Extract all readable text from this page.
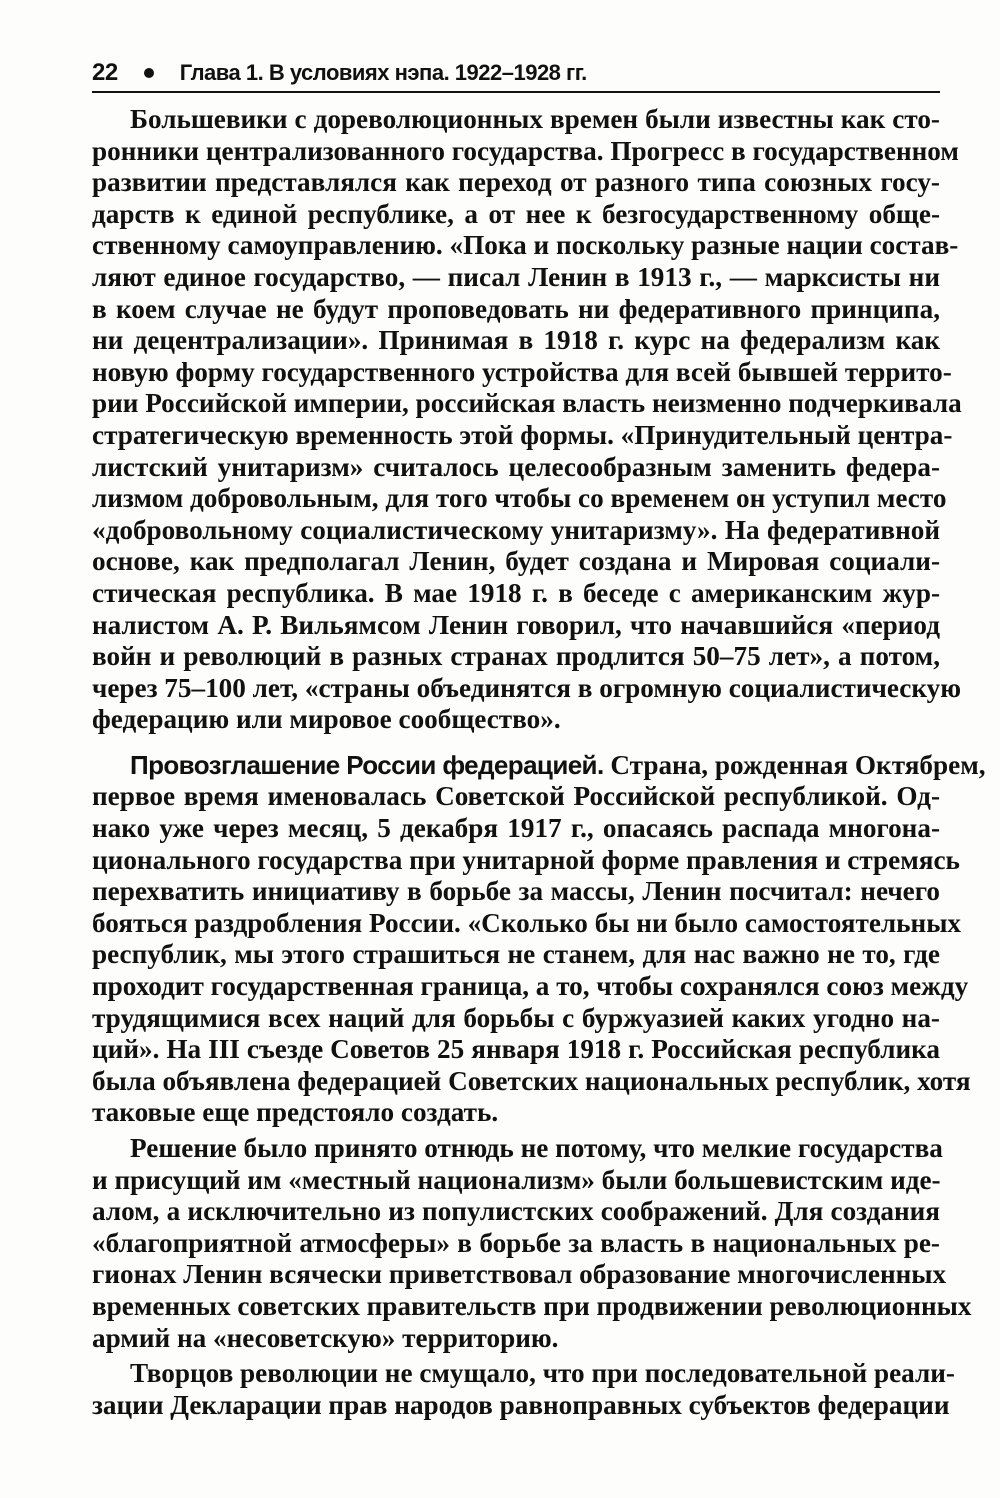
22	Глава 1. В условиях нэпа. 1922–1928 гг.

Большевики с дореволюционных времен были известны как сто-
ронники централизованного государства. Прогресс в государственном
развитии представлялся как переход от разного типа союзных госу-
дарств к единой республике, а от нее к безгосударственному обще-
ственному самоуправлению. «Пока и поскольку разные нации состав-
ляют единое государство, — писал Ленин в 1913 г., — марксисты ни
в коем случае не будут проповедовать ни федеративного принципа,
ни децентрализации». Принимая в 1918 г. курс на федерализм как
новую форму государственного устройства для всей бывшей террито-
рии Российской империи, российская власть неизменно подчеркивала
стратегическую временность этой формы. «Принудительный центра-
листский унитаризм» считалось целесообразным заменить федера-
лизмом добровольным, для того чтобы со временем он уступил место
«добровольному социалистическому унитаризму». На федеративной
основе, как предполагал Ленин, будет создана и Мировая социали-
стическая республика. В мае 1918 г. в беседе с американским жур-
налистом А. Р. Вильямсом Ленин говорил, что начавшийся «период
войн и революций в разных странах продлится 50–75 лет», а потом,
через 75–100 лет, «страны объединятся в огромную социалистическую
федерацию или мировое сообщество».

Провозглашение России федерацией. Страна, рожденная Октябрем,
первое время именовалась Советской Российской республикой. Од-
нако уже через месяц, 5 декабря 1917 г., опасаясь распада многона-
ционального государства при унитарной форме правления и стремясь
перехватить инициативу в борьбе за массы, Ленин посчитал: нечего
бояться раздробления России. «Сколько бы ни было самостоятельных
республик, мы этого страшиться не станем, для нас важно не то, где
проходит государственная граница, а то, чтобы сохранялся союз между
трудящимися всех наций для борьбы с буржуазией каких угодно на-
ций». На III съезде Советов 25 января 1918 г. Российская республика
была объявлена федерацией Советских национальных республик, хотя
таковые еще предстояло создать.

Решение было принято отнюдь не потому, что мелкие государства
и присущий им «местный национализм» были большевистским иде-
алом, а исключительно из популистских соображений. Для создания
«благоприятной атмосферы» в борьбе за власть в национальных ре-
гионах Ленин всячески приветствовал образование многочисленных
временных советских правительств при продвижении революционных
армий на «несоветскую» территорию.

Творцов революции не смущало, что при последовательной реали-
зации Декларации прав народов равноправных субъектов федерации
